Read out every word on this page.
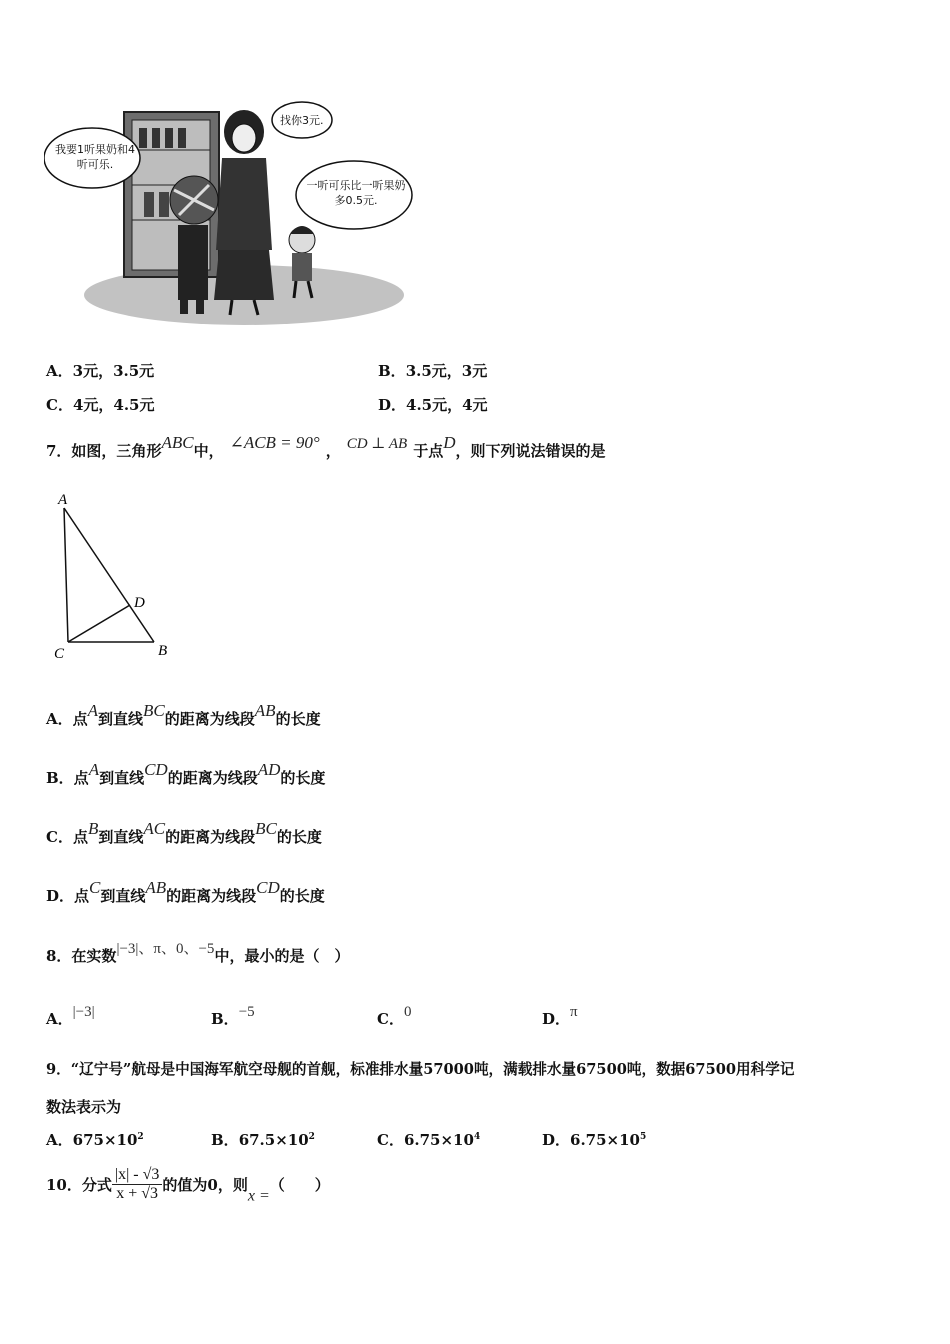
我要1听果奶和4听可乐.
找你3元.
一听可乐比一听果奶多0.5元.
A．3元，3.5元	B．3.5元，3元
C．4元，4.5元	D．4.5元，4元
7．如图，三角形ABC中， ∠ACB = 90° ， CD ⊥ AB 于点D，则下列说法错误的是
A
C	B
D
A．点A到直线BC的距离为线段AB的长度
B．点A到直线CD的距离为线段AD的长度
C．点B到直线AC的距离为线段BC的长度
D．点C到直线AB的距离为线段CD的长度
8．在实数|−3|、π、0、−5中，最小的是（　）
A．|−3|	B．−5	C．0	D．π
9．“辽宁号”航母是中国海军航空母舰的首舰，标准排水量57000吨，满载排水量67500吨，数据67500用科学记
数法表示为
A．$675\times 10^2$	B．$67.5\times 10^2$	C．$6.75\times 10^4$	D．$6.75\times 10^5$
10．分式 $\frac{|x| - √3}{x + √3}$ 的值为0，则x =（　　）
